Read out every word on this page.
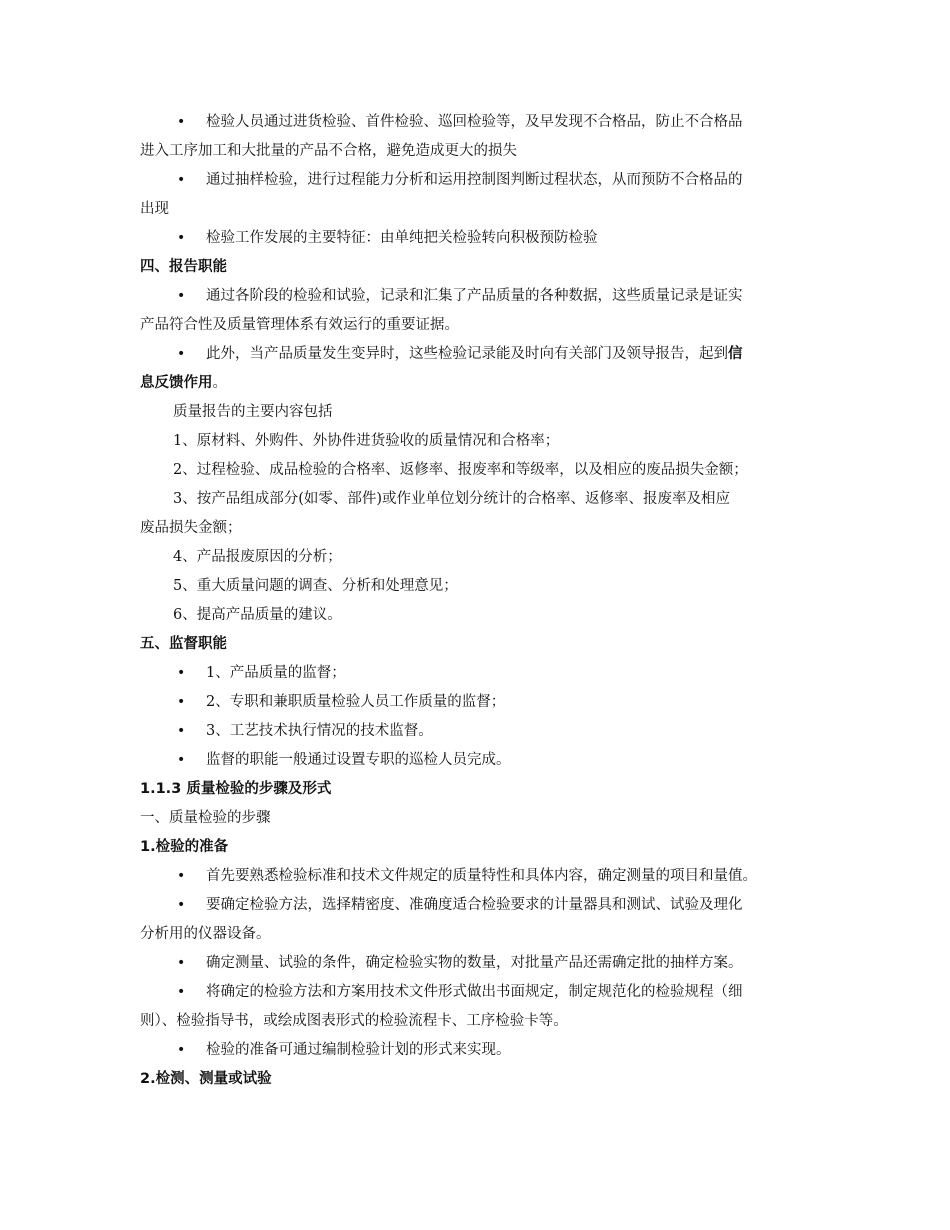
•	检验人员通过进货检验、首件检验、巡回检验等，及早发现不合格品，防止不合格品
进入工序加工和大批量的产品不合格，避免造成更大的损失
•	通过抽样检验，进行过程能力分析和运用控制图判断过程状态，从而预防不合格品的
出现
•	检验工作发展的主要特征：由单纯把关检验转向积极预防检验
四、报告职能
•	通过各阶段的检验和试验，记录和汇集了产品质量的各种数据，这些质量记录是证实
产品符合性及质量管理体系有效运行的重要证据。
•	此外，当产品质量发生变异时，这些检验记录能及时向有关部门及领导报告，起到信
息反馈作用。
质量报告的主要内容包括
1、原材料、外购件、外协件进货验收的质量情况和合格率；
2、过程检验、成品检验的合格率、返修率、报废率和等级率，以及相应的废品损失金额；
3、按产品组成部分(如零、部件)或作业单位划分统计的合格率、返修率、报废率及相应
废品损失金额；
4、产品报废原因的分析；
5、重大质量问题的调查、分析和处理意见；
6、提高产品质量的建议。
五、监督职能
•	1、产品质量的监督；
•	2、专职和兼职质量检验人员工作质量的监督；
•	3、工艺技术执行情况的技术监督。
•	监督的职能一般通过设置专职的巡检人员完成。
1.1.3 质量检验的步骤及形式
一、质量检验的步骤
1.检验的准备
•	首先要熟悉检验标准和技术文件规定的质量特性和具体内容，确定测量的项目和量值。
•	要确定检验方法，选择精密度、准确度适合检验要求的计量器具和测试、试验及理化
分析用的仪器设备。
•	确定测量、试验的条件，确定检验实物的数量，对批量产品还需确定批的抽样方案。
•	将确定的检验方法和方案用技术文件形式做出书面规定，制定规范化的检验规程（细
则）、检验指导书，或绘成图表形式的检验流程卡、工序检验卡等。
•	检验的准备可通过编制检验计划的形式来实现。
2.检测、测量或试验
